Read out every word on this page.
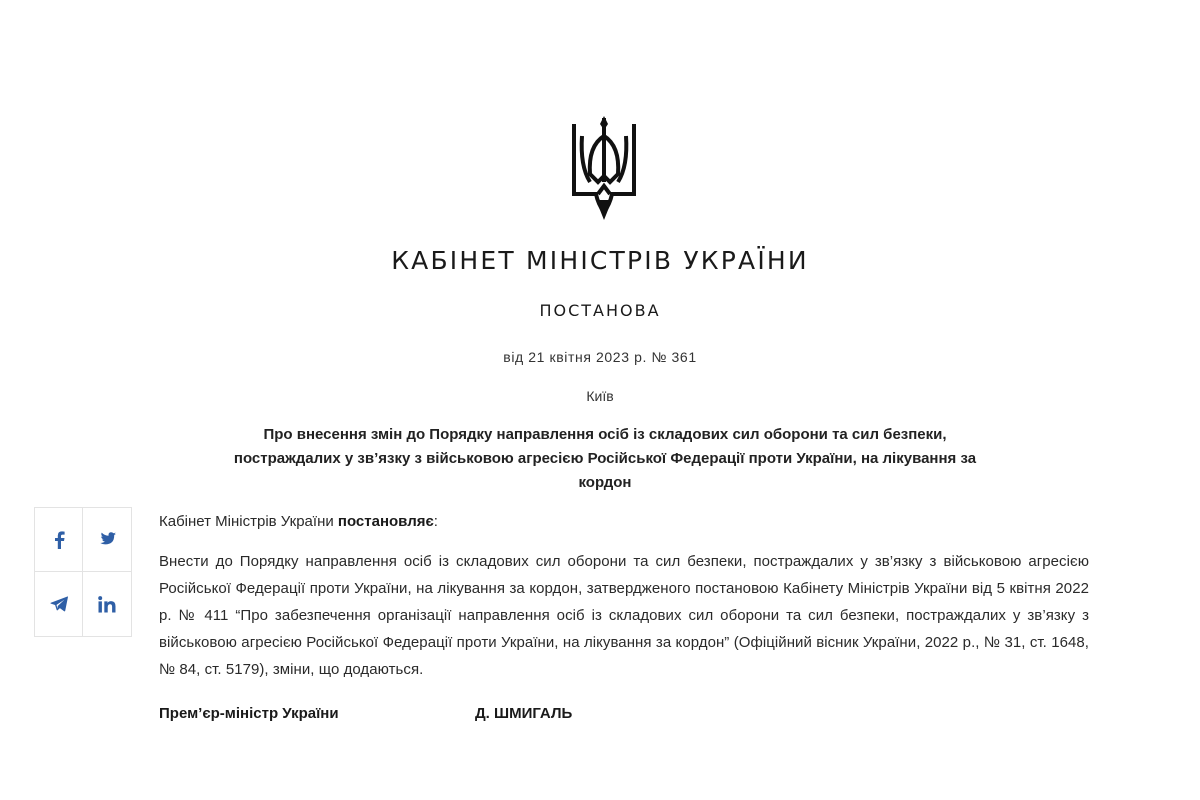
КАБІНЕТ МІНІСТРІВ УКРАЇНИ
ПОСТАНОВА
від 21 квітня 2023 р. № 361
Київ
Про внесення змін до Порядку направлення осіб із складових сил оборони та сил безпеки, постраждалих у зв’язку з військовою агресією Російської Федерації проти України, на лікування за кордон

Кабінет Міністрів України постановляє:

Внести до Порядку направлення осіб із складових сил оборони та сил безпеки, постраждалих у зв’язку з військовою агресією Російської Федерації проти України, на лікування за кордон, затвердженого постановою Кабінету Міністрів України від 5 квітня 2022 р. № 411 “Про забезпечення організації направлення осіб із складових сил оборони та сил безпеки, постраждалих у зв’язку з військовою агресією Російської Федерації проти України, на лікування за кордон” (Офіційний вісник України, 2022 р., № 31, ст. 1648, № 84, ст. 5179), зміни, що додаються.

Прем’єр-міністр України	Д. ШМИГАЛЬ
